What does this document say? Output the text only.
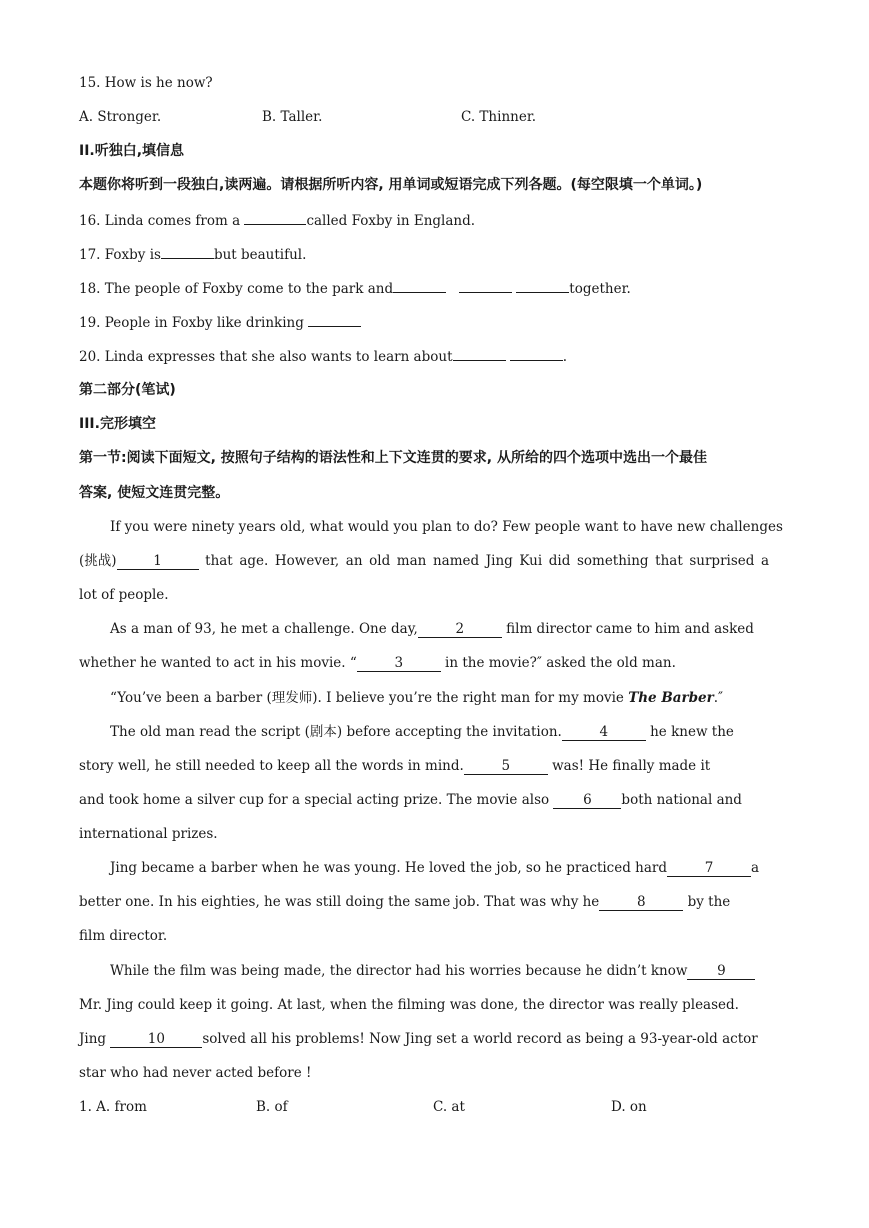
15. How is he now?
A. Stronger.	B. Taller.	C. Thinner.
II.听独白,填信息
本题你将听到一段独白,读两遍。请根据所听内容, 用单词或短语完成下列各题。(每空限填一个单词。)
16. Linda comes from a	called Foxby in England.
17. Foxby is	but beautiful.
18. The people of Foxby come to the park and	together.
19. People in Foxby like drinking
20. Linda expresses that she also wants to learn about	.
第二部分(笔试)
III.完形填空
第一节:阅读下面短文, 按照句子结构的语法性和上下文连贯的要求, 从所给的四个选项中选出一个最佳
答案, 使短文连贯完整。
If you were ninety years old, what would you plan to do? Few people want to have new challenges
(挑战)	1	that age. However, an old man named Jing Kui did something that surprised a
lot of people.
As a man of 93, he met a challenge. One day,	2	film director came to him and asked
whether he wanted to act in his movie. “	3	in the movie?″ asked the old man.
“You’ve been a barber (理发师). I believe you’re the right man for my movie The Barber.″
The old man read the script (剧本) before accepting the invitation.	4	he knew the
story well, he still needed to keep all the words in mind.	5	was! He finally made it
and took home a silver cup for a special acting prize. The movie also 6 both national and
international prizes.
Jing became a barber when he was young. He loved the job, so he practiced hard	7	a
better one. In his eighties, he was still doing the same job. That was why he	8	by the
film director.
While the film was being made, the director had his worries because he didn’t know 9
Mr. Jing could keep it going. At last, when the filming was done, the director was really pleased.
Jing	10	solved all his problems! Now Jing set a world record as being a 93-year-old actor
star who had never acted before !
1. A. from	B. of	C. at	D. on
